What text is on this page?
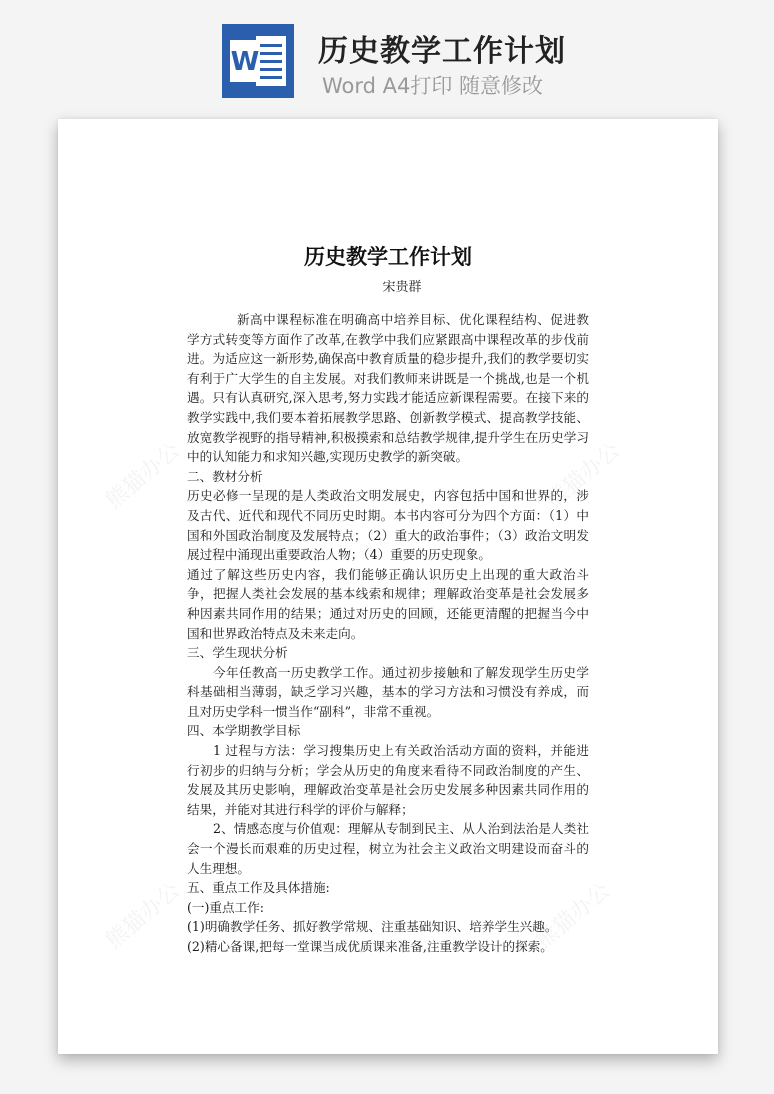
W 历史教学工作计划
Word A4打印 随意修改
熊猫办公	熊猫办公
熊猫办公	熊猫办公
历史教学工作计划
宋贵群

新高中课程标准在明确高中培养目标、优化课程结构、促进教学方式转变等方面作了改革,在教学中我们应紧跟高中课程改革的步伐前进。为适应这一新形势,确保高中教育质量的稳步提升,我们的教学要切实有利于广大学生的自主发展。对我们教师来讲既是一个挑战,也是一个机遇。只有认真研究,深入思考,努力实践才能适应新课程需要。在接下来的教学实践中,我们要本着拓展教学思路、创新教学模式、提高教学技能、放宽教学视野的指导精神,积极摸索和总结教学规律,提升学生在历史学习中的认知能力和求知兴趣,实现历史教学的新突破。

二、教材分析

历史必修一呈现的是人类政治文明发展史，内容包括中国和世界的，涉及古代、近代和现代不同历史时期。本书内容可分为四个方面：（1）中国和外国政治制度及发展特点；（2）重大的政治事件；（3）政治文明发展过程中涌现出重要政治人物；（4）重要的历史现象。

通过了解这些历史内容，我们能够正确认识历史上出现的重大政治斗争，把握人类社会发展的基本线索和规律；理解政治变革是社会发展多种因素共同作用的结果；通过对历史的回顾，还能更清醒的把握当今中国和世界政治特点及未来走向。

三、学生现状分析

今年任教高一历史教学工作。通过初步接触和了解发现学生历史学科基础相当薄弱，缺乏学习兴趣，基本的学习方法和习惯没有养成，而且对历史学科一惯当作“副科”，非常不重视。

四、本学期教学目标

1 过程与方法：学习搜集历史上有关政治活动方面的资料，并能进行初步的归纳与分析；学会从历史的角度来看待不同政治制度的产生、发展及其历史影响，理解政治变革是社会历史发展多种因素共同作用的结果，并能对其进行科学的评价与解释；

2、情感态度与价值观：理解从专制到民主、从人治到法治是人类社会一个漫长而艰难的历史过程，树立为社会主义政治文明建设而奋斗的人生理想。

五、重点工作及具体措施:

(一)重点工作:

(1)明确教学任务、抓好教学常规、注重基础知识、培养学生兴趣。

(2)精心备课,把每一堂课当成优质课来准备,注重教学设计的探索。
